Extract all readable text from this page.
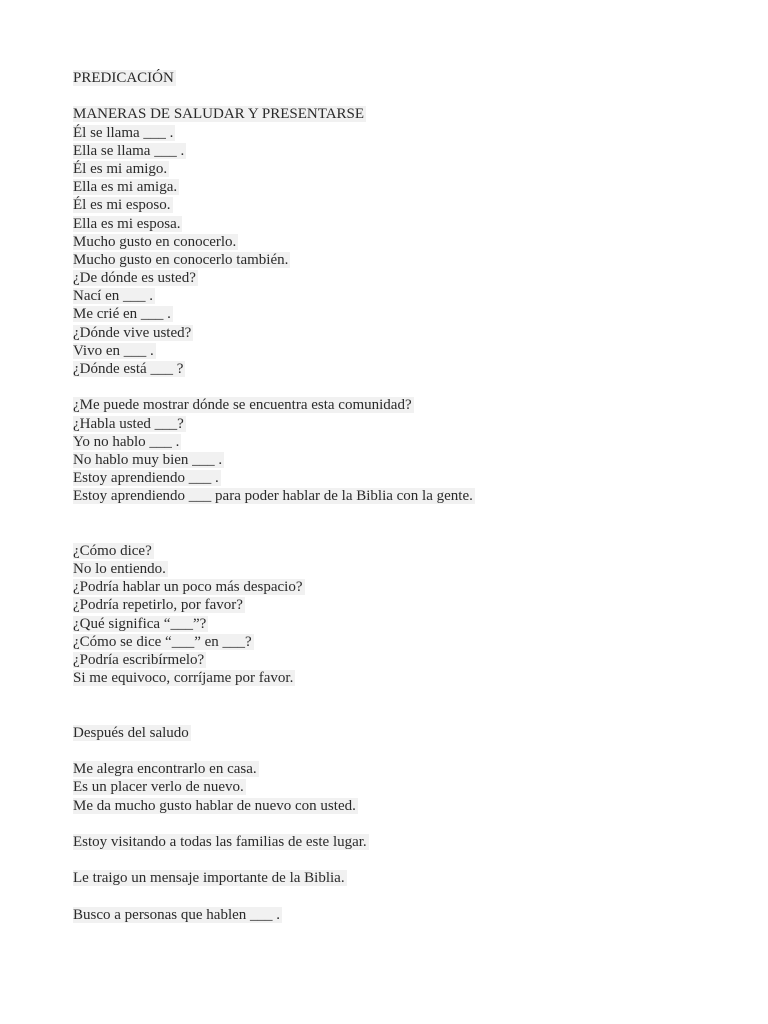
PREDICACIÓN
MANERAS DE SALUDAR Y PRESENTARSE
Él se llama ___ .
Ella se llama ___ .
Él es mi amigo.
Ella es mi amiga.
Él es mi esposo.
Ella es mi esposa.
Mucho gusto en conocerlo.
Mucho gusto en conocerlo también.
¿De dónde es usted?
Nací en ___ .
Me crié en ___ .
¿Dónde vive usted?
Vivo en ___ .
¿Dónde está ___ ?
¿Me puede mostrar dónde se encuentra esta comunidad?
¿Habla usted ___?
Yo no hablo ___ .
No hablo muy bien ___ .
Estoy aprendiendo ___ .
Estoy aprendiendo ___ para poder hablar de la Biblia con la gente.
¿Cómo dice?
No lo entiendo.
¿Podría hablar un poco más despacio?
¿Podría repetirlo, por favor?
¿Qué significa “___”?
¿Cómo se dice “___” en ___?
¿Podría escribírmelo?
Si me equivoco, corríjame por favor.
Después del saludo
Me alegra encontrarlo en casa.
Es un placer verlo de nuevo.
Me da mucho gusto hablar de nuevo con usted.
Estoy visitando a todas las familias de este lugar.
Le traigo un mensaje importante de la Biblia.
Busco a personas que hablen ___ .
